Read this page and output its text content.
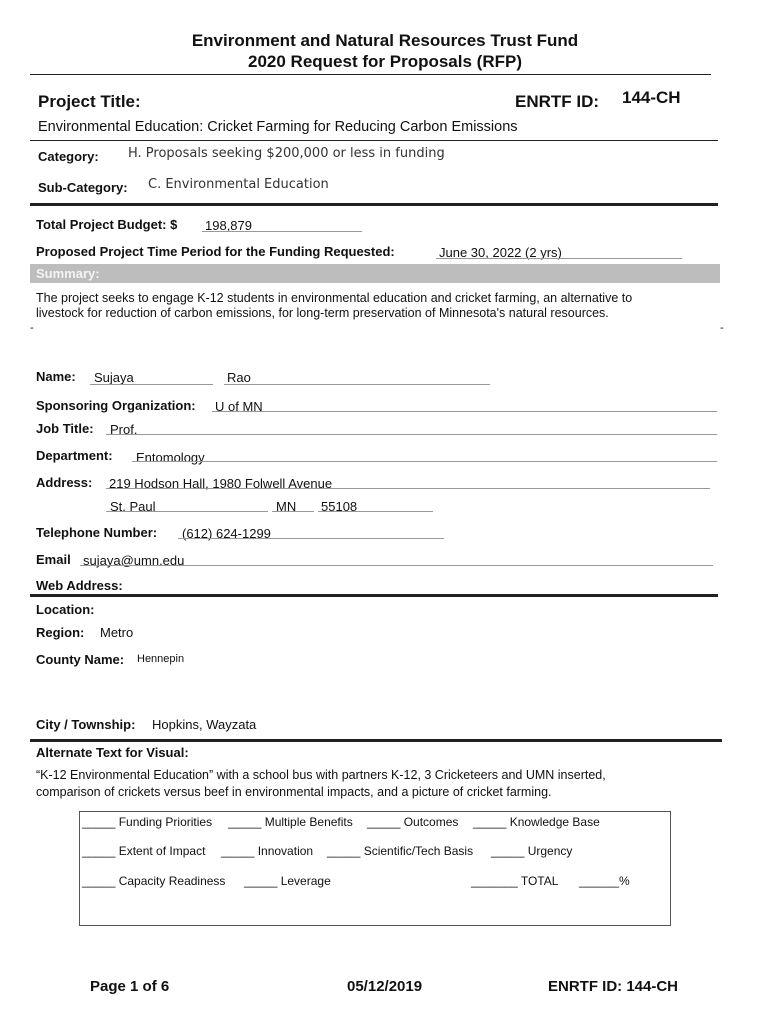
Environment and Natural Resources Trust Fund
2020 Request for Proposals (RFP)
Project Title:	ENRTF ID: 144-CH
Environmental Education: Cricket Farming for Reducing Carbon Emissions
Category: H. Proposals seeking $200,000 or less in funding
Sub-Category: C. Environmental Education
Total Project Budget: $ 198,879
Proposed Project Time Period for the Funding Requested:	June 30, 2022 (2 yrs)
Summary:
The project seeks to engage K-12 students in environmental education and cricket farming, an alternative to
livestock for reduction of carbon emissions, for long-term preservation of Minnesota's natural resources.
-	-
Name: Sujaya	Rao
Sponsoring Organization: U of MN
Job Title: Prof.
Department: Entomology
Address: 219 Hodson Hall, 1980 Folwell Avenue
St. Paul	MN 55108
Telephone Number: (612) 624-1299
Email sujaya@umn.edu
Web Address:
Location:
Region: Metro
County Name: Hennepin
City / Township: Hopkins, Wayzata
Alternate Text for Visual:
“K-12 Environmental Education” with a school bus with partners K-12, 3 Cricketeers and UMN inserted,
comparison of crickets versus beef in environmental impacts, and a picture of cricket farming.
_____ Funding Priorities _____ Multiple Benefits _____ Outcomes _____ Knowledge Base
_____ Extent of Impact _____ Innovation _____ Scientific/Tech Basis _____ Urgency
_____ Capacity Readiness _____ Leverage	_______ TOTAL ______%
Page 1 of 6	05/12/2019	ENRTF ID: 144-CH
